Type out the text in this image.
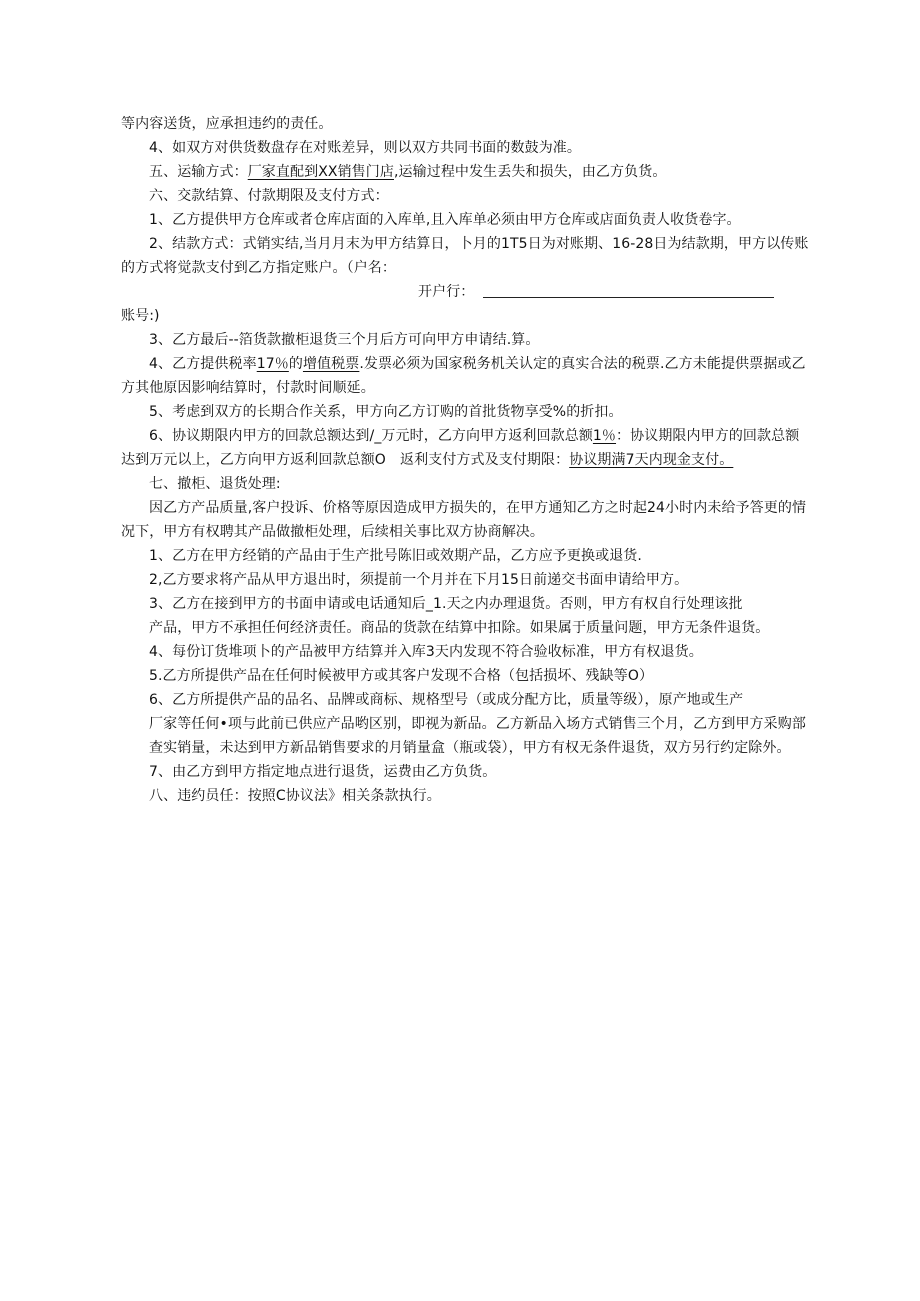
等内容送货，应承担违约的责任。

4、如双方对供货数盘存在对账差异，则以双方共同书面的数鼓为准。

五、运输方式：厂家直配到XX销售门店,运输过程中发生丢失和损失，由乙方负货。

六、交款结算、付款期限及支付方式：

1、乙方提供甲方仓库或者仓库店面的入库单,且入库单必须由甲方仓库或店面负责人收货卷字。

2、结款方式：式销实结,当月月末为甲方结算日，卜月的1T5日为对账期、16-28日为结款期，甲方以传账的方式将觉款支付到乙方指定账户。（户名：

开户行：

账号:)

3、乙方最后--箔货款撤柜退货三个月后方可向甲方申请结.算。

4、乙方提供税率17％的增值税票.发票必须为国家税务机关认定的真实合法的税票.乙方未能提供票据或乙方其他原因影响结算时，付款时间顺延。

5、考虑到双方的长期合作关系，甲方向乙方订购的首批货物享受%的折扣。

6、协议期限内甲方的回款总额达到/_万元时，乙方向甲方返利回款总额1％：协议期限内甲方的回款总额达到万元以上，乙方向甲方返利回款总额O　返利支付方式及支付期限：协议期满7天内现金支付。

七、撤柜、退货处理:

因乙方产品质量,客户投诉、价格等原因造成甲方损失的，在甲方通知乙方之时起24小时内未给予答更的情况下，甲方有权聘其产品做撤柜处理，后续相关事比双方协商解决。

1、乙方在甲方经销的产品由于生产批号陈旧或效期产品，乙方应予更换或退货.

2,乙方要求将产品从甲方退出时，须提前一个月并在下月15日前递交书面申请给甲方。

3、乙方在接到甲方的书面申请或电话通知后_1.天之内办理退货。否则，甲方有权自行处理该批

产品，甲方不承担任何经济责任。商品的货款在结算中扣除。如果属于质量问题，甲方无条件退货。

4、每份订货堆项卜的产品被甲方结算并入库3天内发现不符合验收标准，甲方有权退货。

5.乙方所提供产品在任何时候被甲方或其客户发现不合格（包括损坏、残缺等O）

6、乙方所提供产品的品名、品牌或商标、规格型号（或成分配方比，质量等级），原产地或生产

厂家等任何•项与此前已供应产品哟区别，即视为新品。乙方新品入场方式销售三个月，乙方到甲方采购部查实销量，未达到甲方新品销售要求的月销量盒（瓶或袋），甲方有权无条件退货，双方另行约定除外。

7、由乙方到甲方指定地点进行退货，运费由乙方负货。

八、违约员任：按照C协议法》相关条款执行。
